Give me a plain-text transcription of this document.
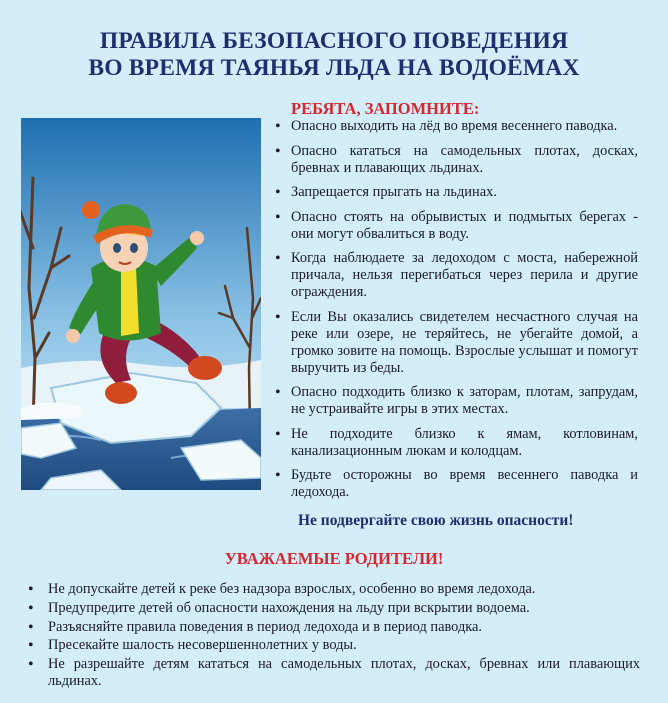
ПРАВИЛА БЕЗОПАСНОГО ПОВЕДЕНИЯ
ВО ВРЕМЯ ТАЯНЬЯ ЛЬДА НА ВОДОЁМАХ
РЕБЯТА, ЗАПОМНИТЕ:
• Опасно выходить на лёд во время весеннего паводка.
• Опасно кататься на самодельных плотах, досках, бревнах и плавающих льдинах.
• Запрещается прыгать на льдинах.
• Опасно стоять на обрывистых и подмытых берегах - они могут обвалиться в воду.
• Когда наблюдаете за ледоходом с моста, набережной причала, нельзя перегибаться через перила и другие ограждения.
• Если Вы оказались свидетелем несчастного случая на реке или озере, не теряйтесь, не убегайте домой, а громко зовите на помощь. Взрослые услышат и помогут выручить из беды.
• Опасно подходить близко к заторам, плотам, запрудам, не устраивайте игры в этих местах.
• Не подходите близко к ямам, котловинам, канализационным люкам и колодцам.
• Будьте осторожны во время весеннего паводка и ледохода.
Не подвергайте свою жизнь опасности!
УВАЖАЕМЫЕ РОДИТЕЛИ!
• Не допускайте детей к реке без надзора взрослых, особенно во время ледохода.
• Предупредите детей об опасности нахождения на льду при вскрытии водоема.
• Разъясняйте правила поведения в период ледохода и в период паводка.
• Пресекайте шалость несовершеннолетних у воды.
• Не разрешайте детям кататься на самодельных плотах, досках, бревнах или плавающих льдинах.
